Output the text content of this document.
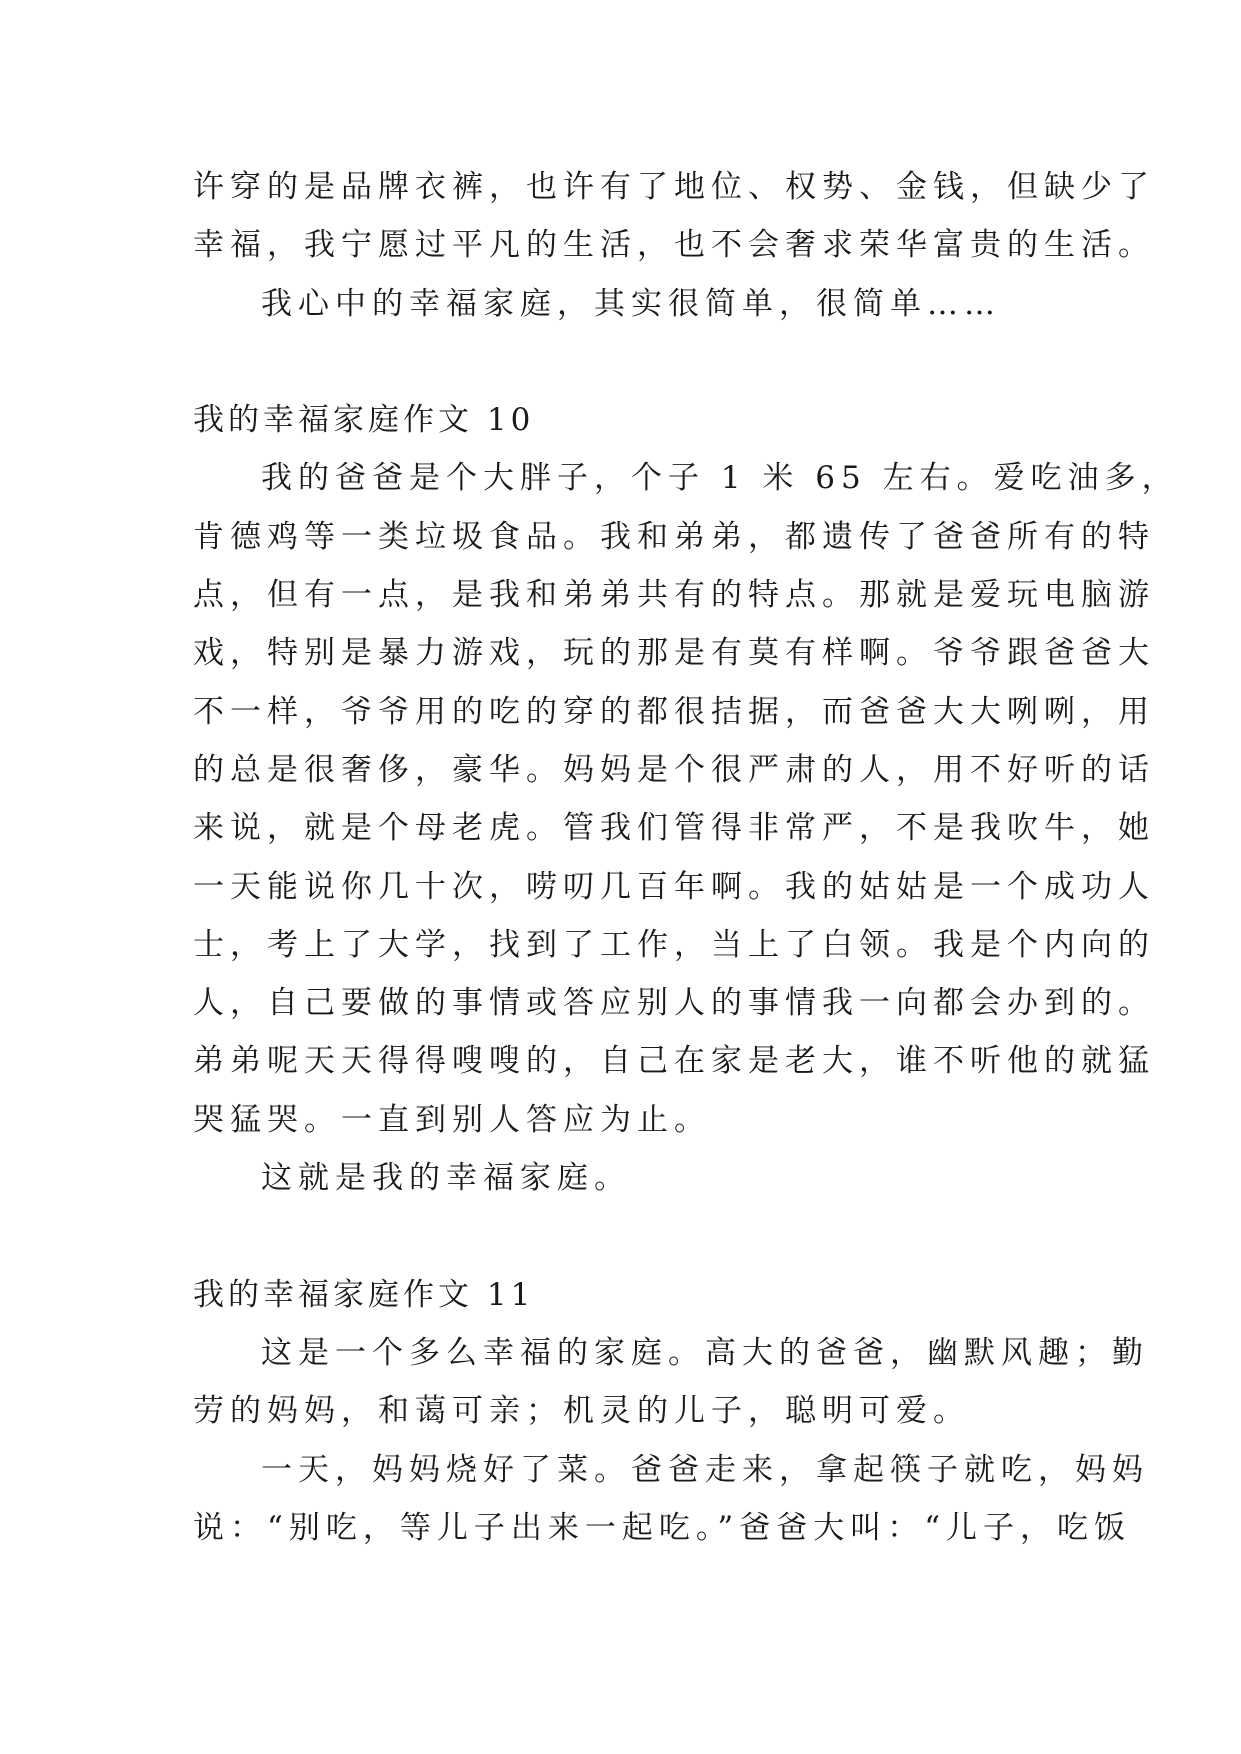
许穿的是品牌衣裤，也许有了地位、权势、金钱，但缺少了
幸福，我宁愿过平凡的生活，也不会奢求荣华富贵的生活。
我心中的幸福家庭，其实很简单，很简单……
我的幸福家庭作文 10
我的爸爸是个大胖子，个子 1 米 65 左右。爱吃油多，
肯德鸡等一类垃圾食品。我和弟弟，都遗传了爸爸所有的特
点，但有一点，是我和弟弟共有的特点。那就是爱玩电脑游
戏，特别是暴力游戏，玩的那是有莫有样啊。爷爷跟爸爸大
不一样，爷爷用的吃的穿的都很拮据，而爸爸大大咧咧，用
的总是很奢侈，豪华。妈妈是个很严肃的人，用不好听的话
来说，就是个母老虎。管我们管得非常严，不是我吹牛，她
一天能说你几十次，唠叨几百年啊。我的姑姑是一个成功人
士，考上了大学，找到了工作，当上了白领。我是个内向的
人，自己要做的事情或答应别人的事情我一向都会办到的。
弟弟呢天天得得嗖嗖的，自己在家是老大，谁不听他的就猛
哭猛哭。一直到别人答应为止。
这就是我的幸福家庭。
我的幸福家庭作文 11
这是一个多么幸福的家庭。高大的爸爸，幽默风趣；勤
劳的妈妈，和蔼可亲；机灵的儿子，聪明可爱。
一天，妈妈烧好了菜。爸爸走来，拿起筷子就吃，妈妈
说：“别吃，等儿子出来一起吃。”爸爸大叫：“儿子，吃饭
